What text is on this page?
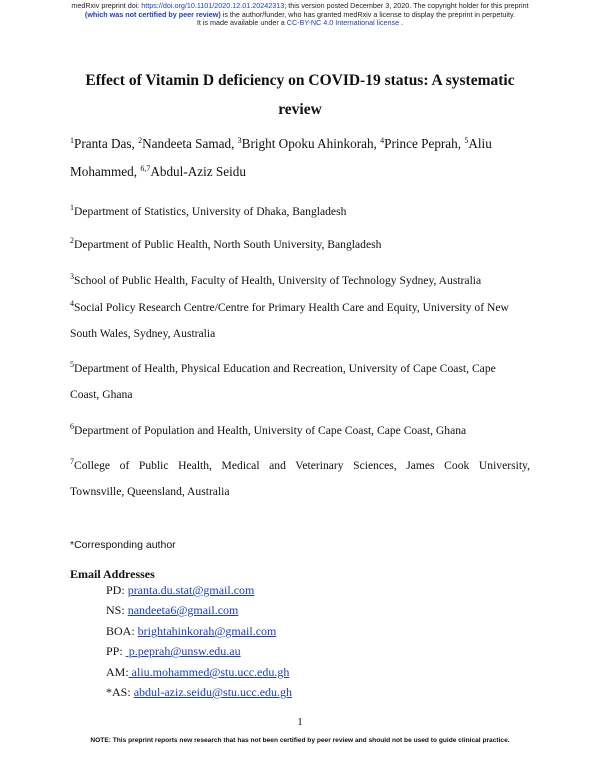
medRxiv preprint doi: https://doi.org/10.1101/2020.12.01.20242313; this version posted December 3, 2020. The copyright holder for this preprint
(which was not certified by peer review) is the author/funder, who has granted medRxiv a license to display the preprint in perpetuity.
It is made available under a CC-BY-NC 4.0 International license .
Effect of Vitamin D deficiency on COVID-19 status: A systematic
review
$^1$Pranta Das, $^2$Nandeeta Samad, $^3$Bright Opoku Ahinkorah, $^4$Prince Peprah, $^5$Aliu Mohammed, $^{6,7}$Abdul-Aziz Seidu
$^1$Department of Statistics, University of Dhaka, Bangladesh
$^2$Department of Public Health, North South University, Bangladesh
$^3$School of Public Health, Faculty of Health, University of Technology Sydney, Australia
$^4$Social Policy Research Centre/Centre for Primary Health Care and Equity, University of New
South Wales, Sydney, Australia
$^5$Department of Health, Physical Education and Recreation, University of Cape Coast, Cape
Coast, Ghana
$^6$Department of Population and Health, University of Cape Coast, Cape Coast, Ghana
$^7$College of Public Health, Medical and Veterinary Sciences, James Cook University,
Townsville, Queensland, Australia
*Corresponding author
Email Addresses
PD: pranta.du.stat@gmail.com
NS: nandeeta6@gmail.com
BOA: brightahinkorah@gmail.com
PP:  p.peprah@unsw.edu.au
AM: aliu.mohammed@stu.ucc.edu.gh
*AS: abdul-aziz.seidu@stu.ucc.edu.gh
1
NOTE: This preprint reports new research that has not been certified by peer review and should not be used to guide clinical practice.
